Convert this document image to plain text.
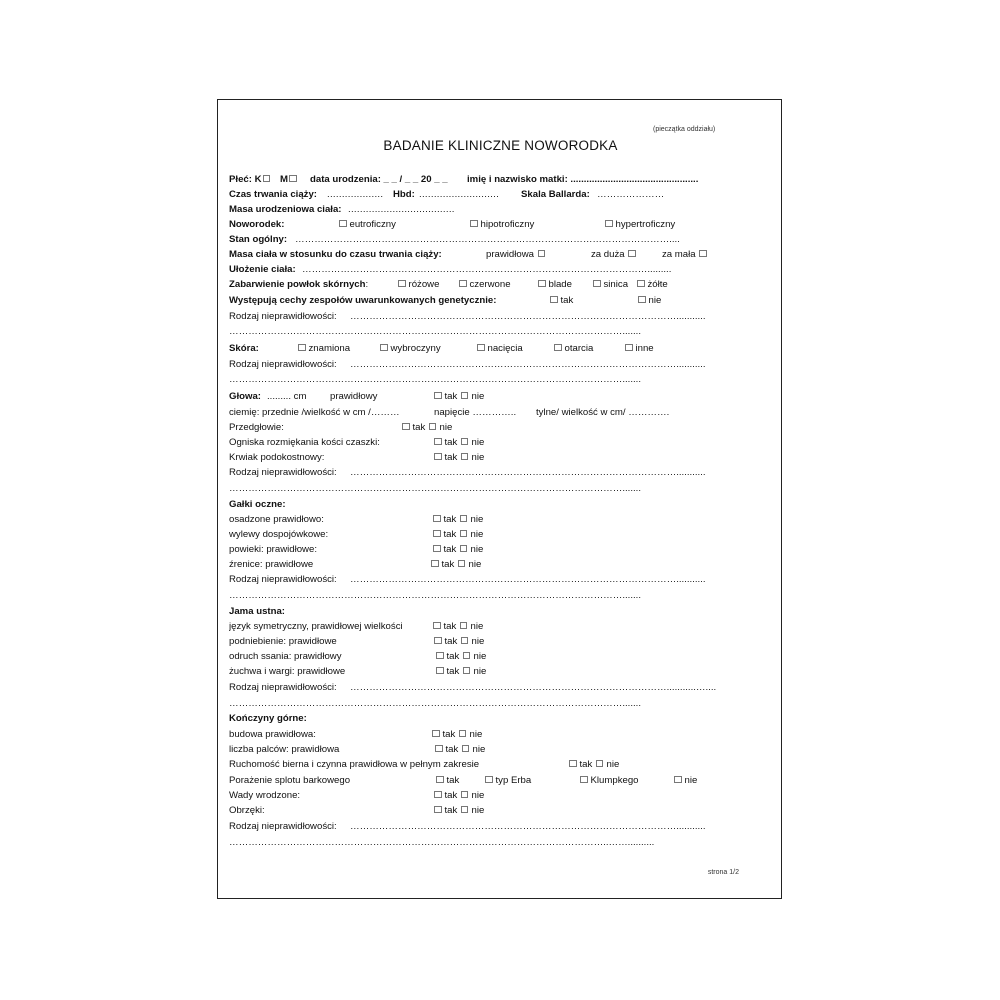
(pieczątka oddziału)
BADANIE KLINICZNE NOWORODKA
Płeć: K	M	data urodzenia: _ _ / _ _ 20 _ _ imię i nazwisko matki: ................................................
Czas trwania ciąży: ................... Hbd: ........................... Skala Ballarda: …………………
Masa urodzeniowa ciała: ....................................
Noworodek:	eutroficzny	hipotroficzny	hypertroficzny
Stan ogólny: ………………………………………………………………………………………………………....
Masa ciała w stosunku do czasu trwania ciąży:	prawidłowa	za duża	za mała
Ułożenie ciała: ……………………………………………………………………………………………….........
Zabarwienie powłok skórnych:	różowe	czerwone	blade	sinica	żółte
Występują cechy zespołów uwarunkowanych genetycznie:	tak	nie
Rodzaj nieprawidłowości: …………………………………………………………………………………………...........
…………………………………………………………………………………………………………….......
Skóra:	znamiona	wybroczyny	nacięcia	otarcia	inne
Rodzaj nieprawidłowości: …………………………………………………………………………………………...........
…………………………………………………………………………………………………………….......
Głowa: ......... cm prawidłowy	tak nie
ciemię: przednie /wielkość w cm /………	napięcie ………….. tylne/ wielkość w cm/ ………….
Przedgłowie:	tak nie
Ogniska rozmiękania kości czaszki:	tak nie
Krwiak podokostnowy:	tak nie
Rodzaj nieprawidłowości: …………………………………………………………………………………………...........
…………………………………………………………………………………………………………….......
Gałki oczne:
osadzone prawidłowo:	tak nie
wylewy dospojówkowe:	tak nie
powieki: prawidłowe:	tak nie
źrenice: prawidłowe	tak nie
Rodzaj nieprawidłowości: …………………………………………………………………………………………...........
…………………………………………………………………………………………………………….......
Jama ustna:
język symetryczny, prawidłowej wielkości	tak nie
podniebienie: prawidłowe	tak nie
odruch ssania: prawidłowy	tak nie
żuchwa i wargi: prawidłowe	tak nie
Rodzaj nieprawidłowości: ………………………………………………………………………………………...........…....
…………………………………………………………………………………………………………….......
Kończyny górne:
budowa prawidłowa:	tak nie
liczba palców: prawidłowa	tak nie
Ruchomość bierna i czynna prawidłowa w pełnym zakresie	tak nie
Porażenie splotu barkowego	tak	typ Erba	Klumpkego	nie
Wady wrodzone:	tak nie
Obrzęki:	tak nie
Rodzaj nieprawidłowości: …………………………………………………………………………………………...........
………………………………………………………………………………………………………..……..........
strona 1/2
